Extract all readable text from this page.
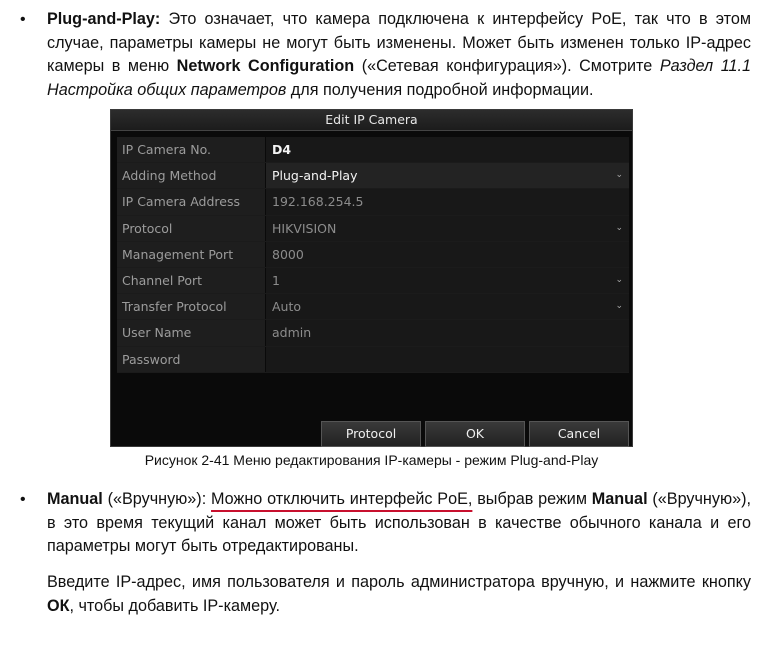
• Plug-and-Play: Это означает, что камера подключена к интерфейсу PoE, так что в этом случае, параметры камеры не могут быть изменены. Может быть изменен только IP-адрес камеры в меню Network Configuration («Сетевая конфигурация»). Смотрите Раздел 11.1 Настройка общих параметров для получения подробной информации.
Edit IP Camera
IP Camera No.	D4
Adding Method	Plug-and-Play	⌄
IP Camera Address	192.168.254.5
Protocol	HIKVISION	⌄
Management Port	8000
Channel Port	1	⌄
Transfer Protocol	Auto	⌄
User Name	admin
Password
Protocol	OK	Cancel
Рисунок 2-41 Меню редактирования IP-камеры - режим Plug-and-Play
• Manual («Вручную»): Можно отключить интерфейс PoE, выбрав режим Manual («Вручную»), в это время текущий канал может быть использован в качестве обычного канала и его параметры могут быть отредактированы.
Введите IP-адрес, имя пользователя и пароль администратора вручную, и нажмите кнопку ОК, чтобы добавить IP-камеру.
